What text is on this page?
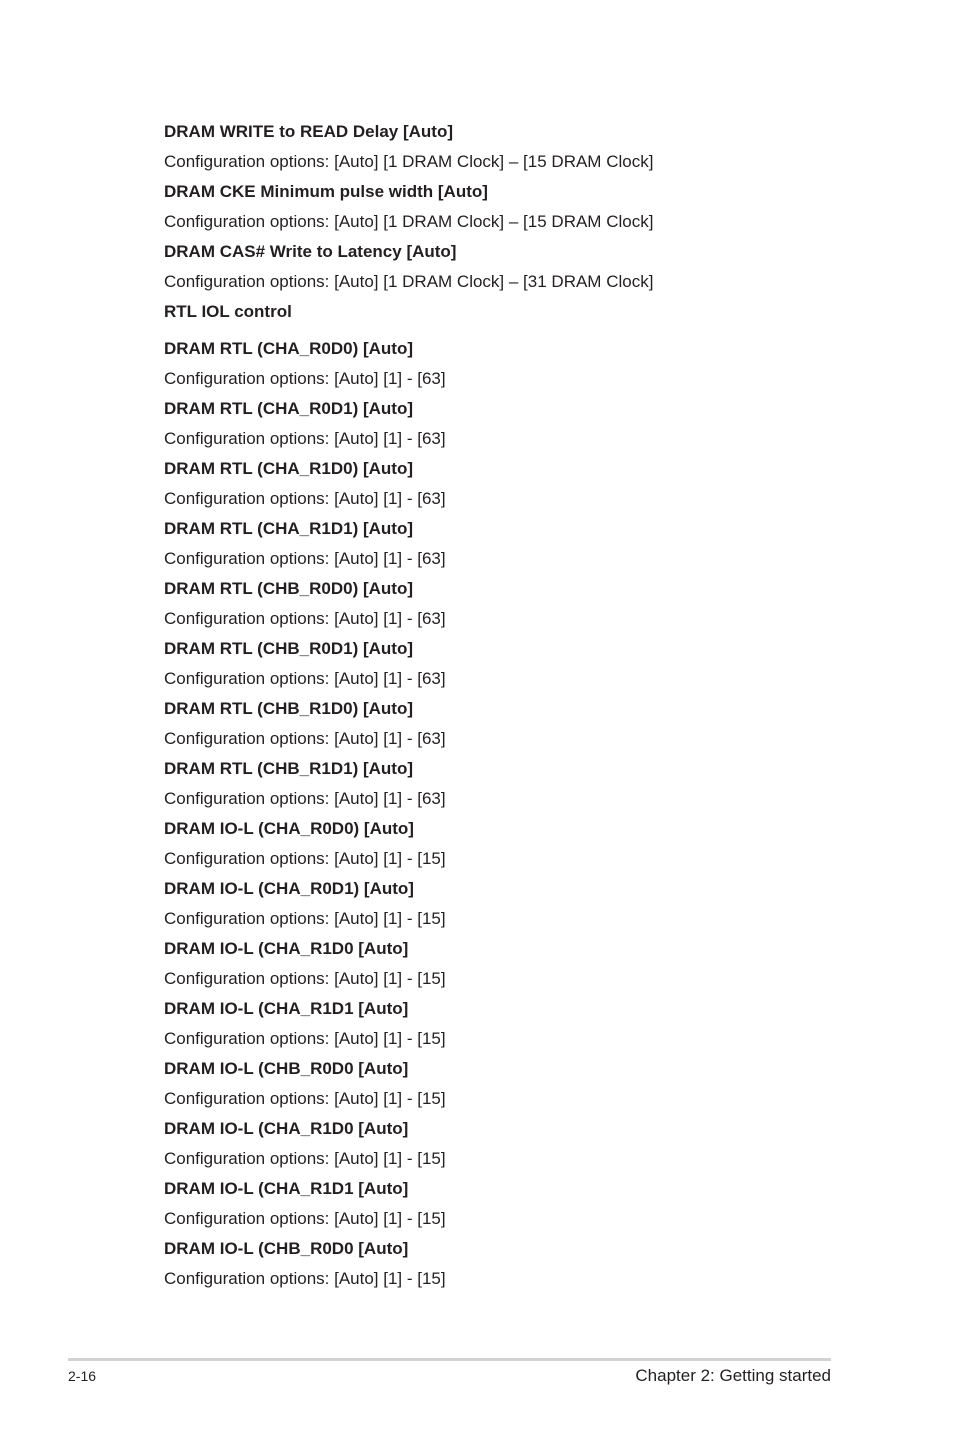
DRAM WRITE to READ Delay [Auto]
Configuration options: [Auto] [1 DRAM Clock] – [15 DRAM Clock]
DRAM CKE Minimum pulse width [Auto]
Configuration options: [Auto] [1 DRAM Clock] – [15 DRAM Clock]
DRAM CAS# Write to Latency [Auto]
Configuration options: [Auto] [1 DRAM Clock] – [31 DRAM Clock]
RTL IOL control
DRAM RTL (CHA_R0D0) [Auto]
Configuration options: [Auto] [1] - [63]
DRAM RTL (CHA_R0D1) [Auto]
Configuration options: [Auto] [1] - [63]
DRAM RTL (CHA_R1D0) [Auto]
Configuration options: [Auto] [1] - [63]
DRAM RTL (CHA_R1D1) [Auto]
Configuration options: [Auto] [1] - [63]
DRAM RTL (CHB_R0D0) [Auto]
Configuration options: [Auto] [1] - [63]
DRAM RTL (CHB_R0D1) [Auto]
Configuration options: [Auto] [1] - [63]
DRAM RTL (CHB_R1D0) [Auto]
Configuration options: [Auto] [1] - [63]
DRAM RTL (CHB_R1D1) [Auto]
Configuration options: [Auto] [1] - [63]
DRAM IO-L (CHA_R0D0) [Auto]
Configuration options: [Auto] [1] - [15]
DRAM IO-L (CHA_R0D1) [Auto]
Configuration options: [Auto] [1] - [15]
DRAM IO-L (CHA_R1D0 [Auto]
Configuration options: [Auto] [1] - [15]
DRAM IO-L (CHA_R1D1 [Auto]
Configuration options: [Auto] [1] - [15]
DRAM IO-L (CHB_R0D0 [Auto]
Configuration options: [Auto] [1] - [15]
DRAM IO-L (CHA_R1D0 [Auto]
Configuration options: [Auto] [1] - [15]
DRAM IO-L (CHA_R1D1 [Auto]
Configuration options: [Auto] [1] - [15]
DRAM IO-L (CHB_R0D0 [Auto]
Configuration options: [Auto] [1] - [15]
2-16	Chapter 2: Getting started
